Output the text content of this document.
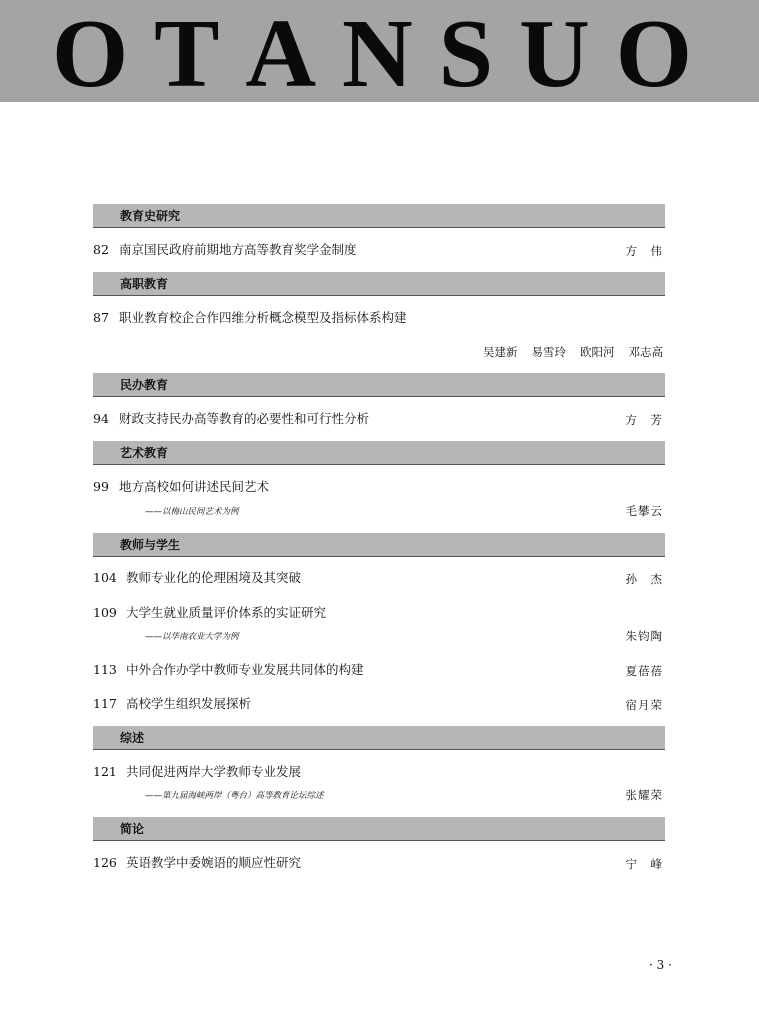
O T A N S U O
教育史研究
82 南京国民政府前期地方高等教育奖学金制度	方　伟
高职教育
87 职业教育校企合作四维分析概念模型及指标体系构建
吴建新 易雪玲 欧阳河 邓志高
民办教育
94 财政支持民办高等教育的必要性和可行性分析	方　芳
艺术教育
99 地方高校如何讲述民间艺术
——以梅山民间艺术为例	毛攀云
教师与学生
104 教师专业化的伦理困境及其突破	孙　杰
109 大学生就业质量评价体系的实证研究
——以华南农业大学为例	朱钧陶
113 中外合作办学中教师专业发展共同体的构建	夏蓓蓓
117 高校学生组织发展探析	宿月荣
综述
121 共同促进两岸大学教师专业发展
——第九届海峡两岸（粤台）高等教育论坛综述	张耀荣
简论
126 英语教学中委婉语的顺应性研究	宁　峰
· 3 ·
